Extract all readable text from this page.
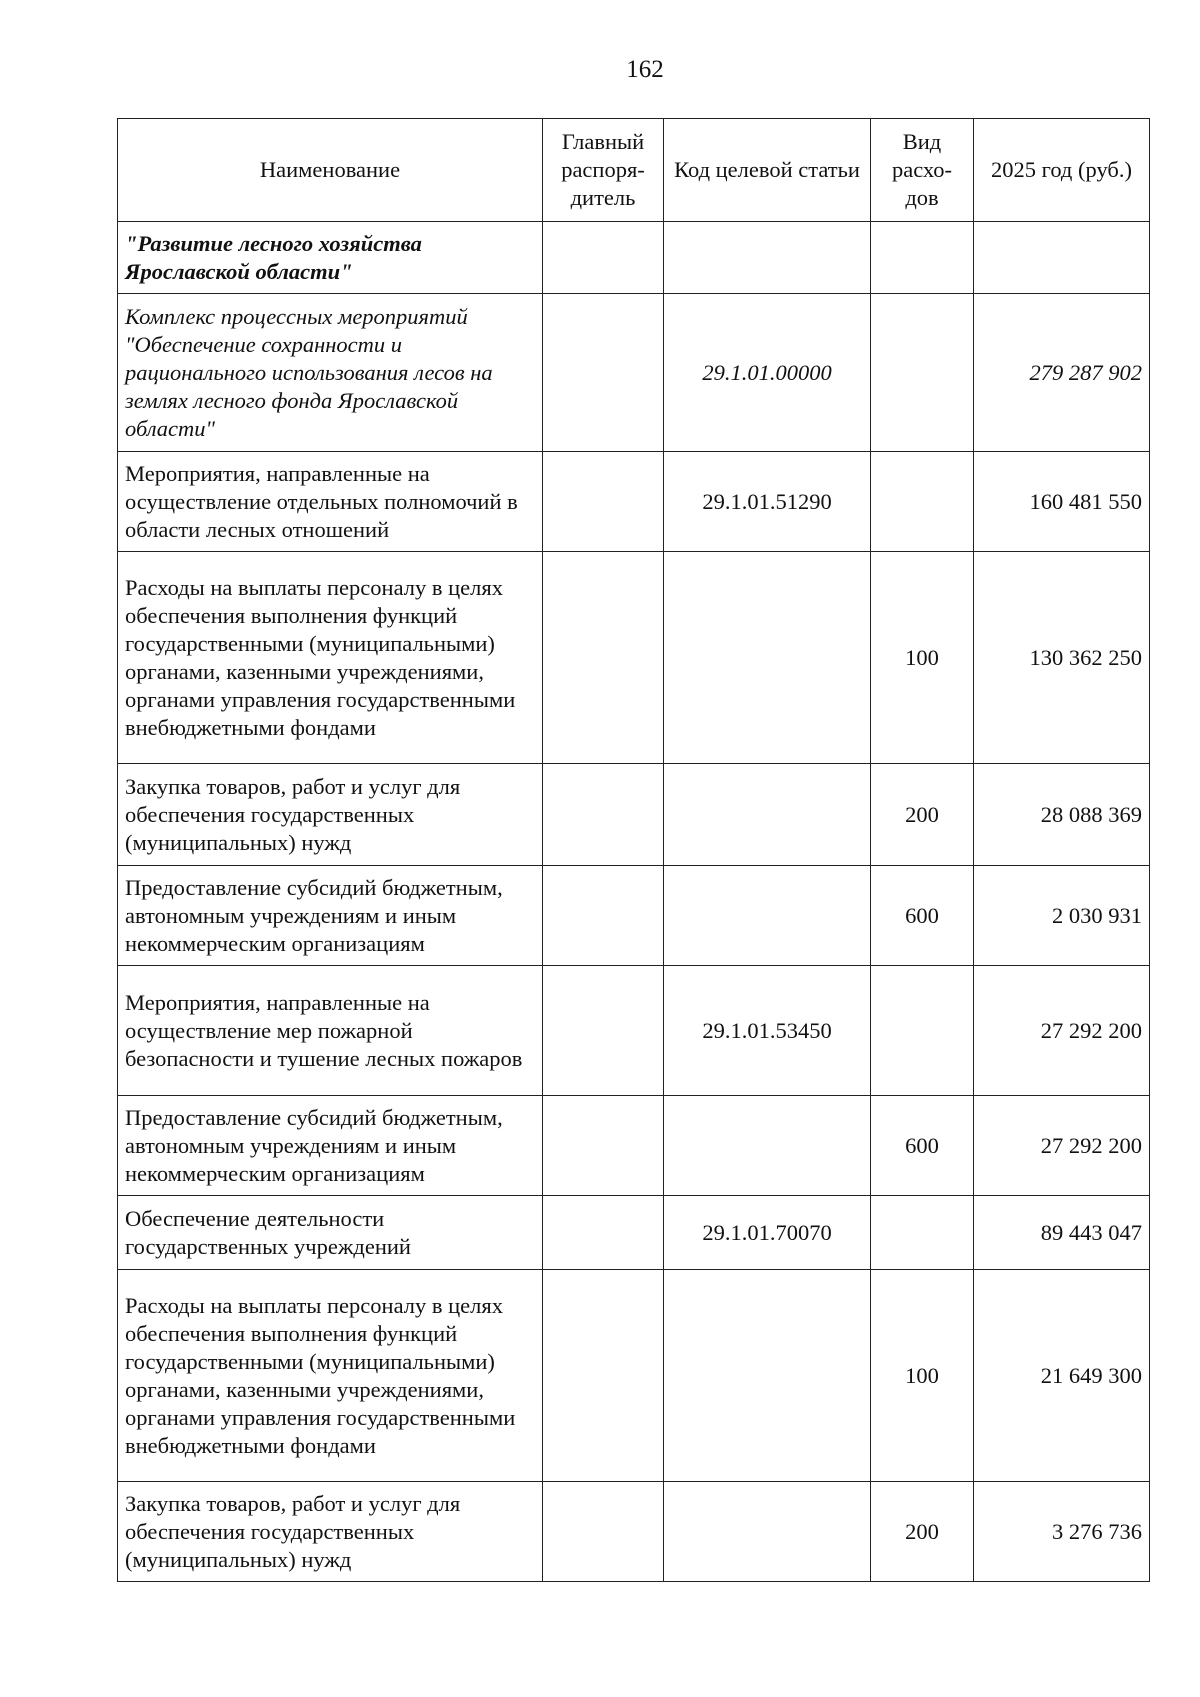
162
Наименование	Главный распоря-дитель	Код целевой статьи	Вид расхо-дов	2025 год (руб.)
"Развитие лесного хозяйства Ярославской области"				
Комплекс процессных мероприятий "Обеспечение сохранности и рационального использования лесов на землях лесного фонда Ярославской области"		29.1.01.00000		279 287 902
Мероприятия, направленные на осуществление отдельных полномочий в области лесных отношений		29.1.01.51290		160 481 550
Расходы на выплаты персоналу в целях обеспечения выполнения функций государственными (муниципальными) органами, казенными учреждениями, органами управления государственными внебюджетными фондами			100	130 362 250
Закупка товаров, работ и услуг для обеспечения государственных (муниципальных) нужд			200	28 088 369
Предоставление субсидий бюджетным, автономным учреждениям и иным некоммерческим организациям			600	2 030 931
Мероприятия, направленные на осуществление мер пожарной безопасности и тушение лесных пожаров		29.1.01.53450		27 292 200
Предоставление субсидий бюджетным, автономным учреждениям и иным некоммерческим организациям			600	27 292 200
Обеспечение деятельности государственных учреждений		29.1.01.70070		89 443 047
Расходы на выплаты персоналу в целях обеспечения выполнения функций государственными (муниципальными) органами, казенными учреждениями, органами управления государственными внебюджетными фондами			100	21 649 300
Закупка товаров, работ и услуг для обеспечения государственных (муниципальных) нужд			200	3 276 736
